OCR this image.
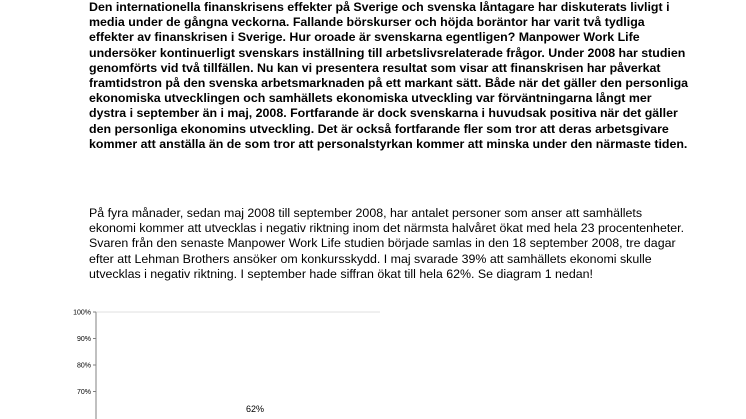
Den internationella finanskrisens effekter på Sverige och svenska låntagare har diskuterats livligt i media under de gångna veckorna. Fallande börskurser och höjda boräntor har varit två tydliga effekter av finanskrisen i Sverige. Hur oroade är svenskarna egentligen? Manpower Work Life undersöker kontinuerligt svenskars inställning till arbetslivsrelaterade frågor. Under 2008 har studien genomförts vid två tillfällen. Nu kan vi presentera resultat som visar att finanskrisen har påverkat framtidstron på den svenska arbetsmarknaden på ett markant sätt. Både när det gäller den personliga ekonomiska utvecklingen och samhällets ekonomiska utveckling var förväntningarna långt mer dystra i september än i maj, 2008. Fortfarande är dock svenskarna i huvudsak positiva när det gäller den personliga ekonomins utveckling. Det är också fortfarande fler som tror att deras arbetsgivare kommer att anställa än de som tror att personalstyrkan kommer att minska under den närmaste tiden.

På fyra månader, sedan maj 2008 till september 2008, har antalet personer som anser att samhällets ekonomi kommer att utvecklas i negativ riktning inom det närmsta halvåret ökat med hela 23 procentenheter. Svaren från den senaste Manpower Work Life studien började samlas in den 18 september 2008, tre dagar efter att Lehman Brothers ansöker om konkursskydd. I maj svarade 39% att samhällets ekonomi skulle utvecklas i negativ riktning. I september hade siffran ökat till hela 62%. Se diagram 1 nedan!

100%
90%
80%
70%
62%
